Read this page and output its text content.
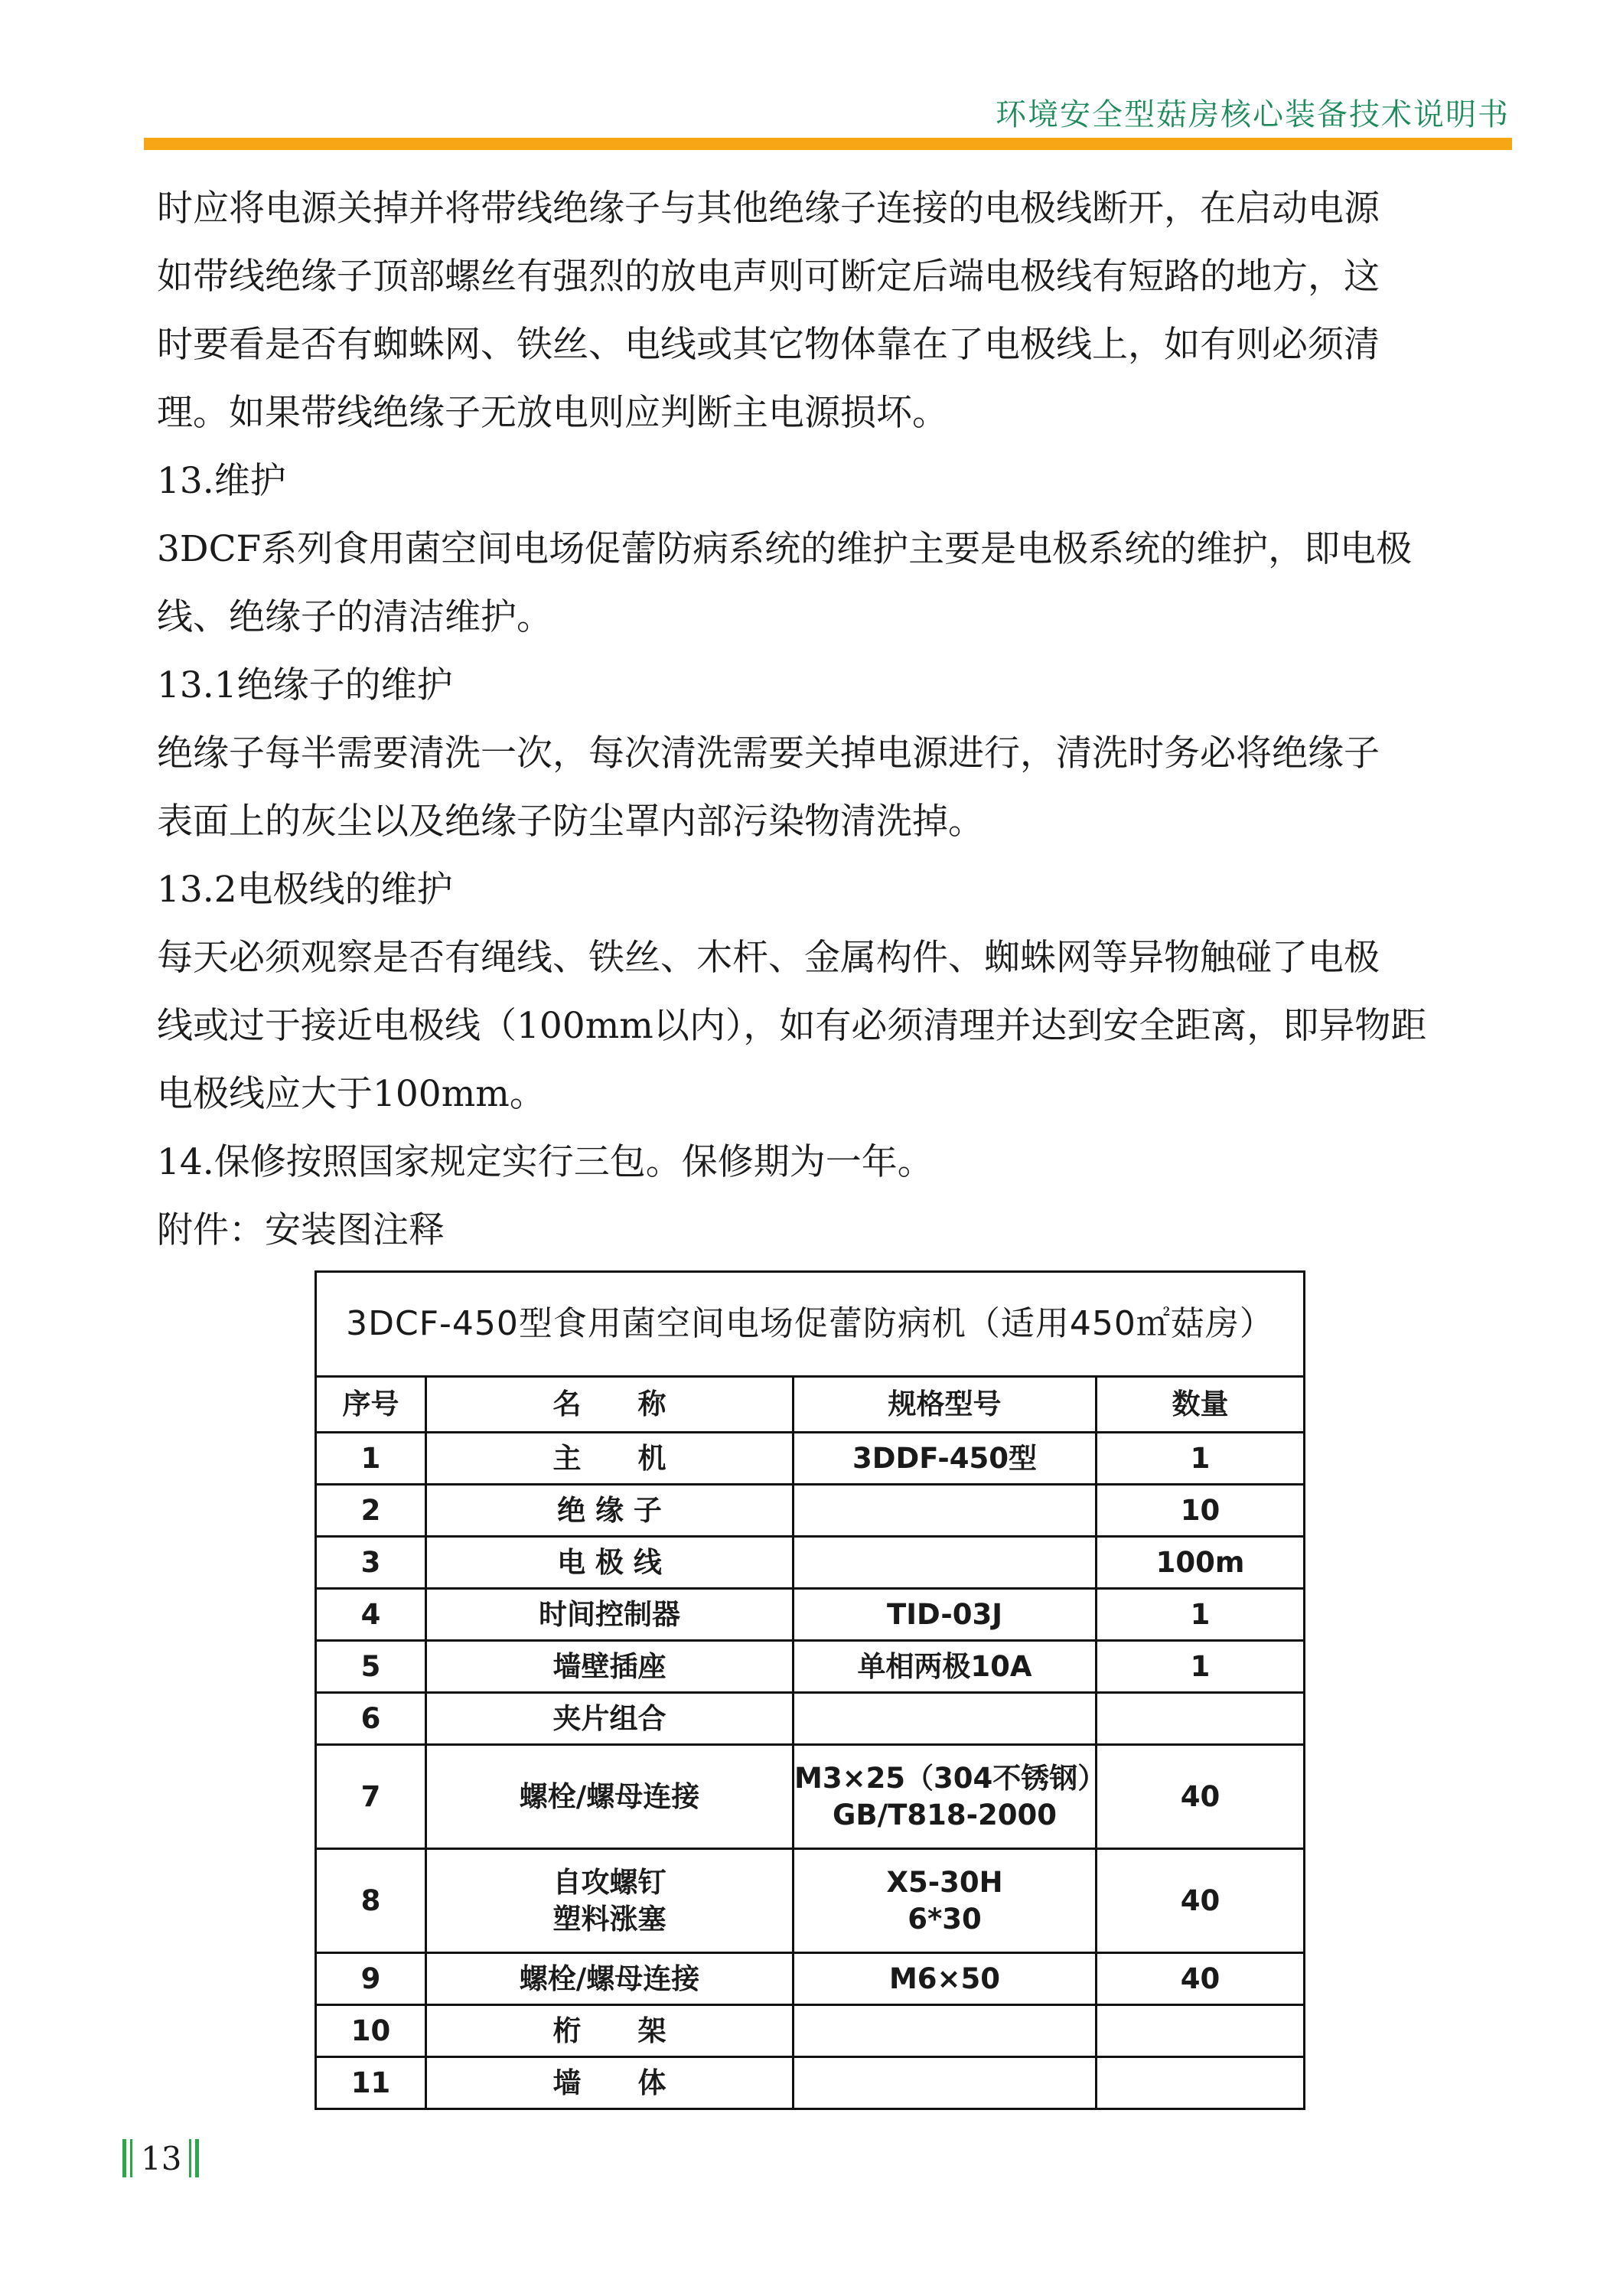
环境安全型菇房核心装备技术说明书

时应将电源关掉并将带线绝缘子与其他绝缘子连接的电极线断开，在启动电源

如带线绝缘子顶部螺丝有强烈的放电声则可断定后端电极线有短路的地方，这

时要看是否有蜘蛛网、铁丝、电线或其它物体靠在了电极线上，如有则必须清

理。如果带线绝缘子无放电则应判断主电源损坏。

13.维护

3DCF系列食用菌空间电场促蕾防病系统的维护主要是电极系统的维护，即电极

线、绝缘子的清洁维护。

13.1绝缘子的维护

绝缘子每半需要清洗一次，每次清洗需要关掉电源进行，清洗时务必将绝缘子

表面上的灰尘以及绝缘子防尘罩内部污染物清洗掉。

13.2电极线的维护

每天必须观察是否有绳线、铁丝、木杆、金属构件、蜘蛛网等异物触碰了电极

线或过于接近电极线（100mm以内），如有必须清理并达到安全距离，即异物距

电极线应大于100mm。

14.保修按照国家规定实行三包。保修期为一年。

附件：安装图注释

3DCF-450型食用菌空间电场促蕾防病机（适用450㎡菇房）			
序号	名　　称	规格型号	数量

1	主　　机	3DDF-450型	1

2	绝 缘 子		10

3	电 极 线		100m

4	时间控制器	TID-03J	1

5	墙壁插座	单相两极10A	1

6	夹片组合		

7	螺栓/螺母连接	M3×25（304不锈钢）
GB/T818-2000	40

8	自攻螺钉
塑料涨塞	X5-30H
6*30	40

9	螺栓/螺母连接	M6×50	40

10	桁　　架		

11	墙　　体		

13
